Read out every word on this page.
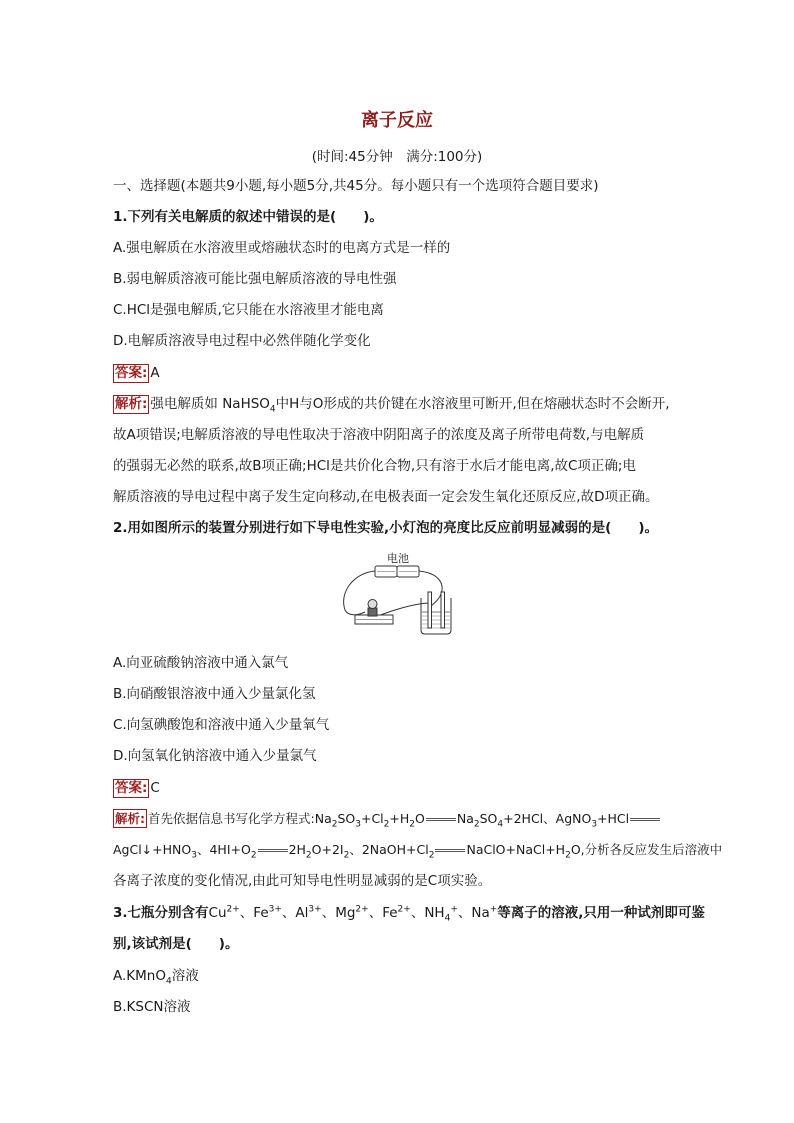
离子反应
(时间:45分钟　满分:100分)
一、选择题(本题共9小题,每小题5分,共45分。每小题只有一个选项符合题目要求)
1.下列有关电解质的叙述中错误的是(　　)。
A.强电解质在水溶液里或熔融状态时的电离方式是一样的
B.弱电解质溶液可能比强电解质溶液的导电性强
C.HCl是强电解质,它只能在水溶液里才能电离
D.电解质溶液导电过程中必然伴随化学变化
答案: A
解析: 强电解质如 NaHSO$_4$中H与O形成的共价键在水溶液里可断开,但在熔融状态时不会断开,
故A项错误;电解质溶液的导电性取决于溶液中阴阳离子的浓度及离子所带电荷数,与电解质
的强弱无必然的联系,故B项正确;HCl是共价化合物,只有溶于水后才能电离,故C项正确;电
解质溶液的导电过程中离子发生定向移动,在电极表面一定会发生氧化还原反应,故D项正确。
2.用如图所示的装置分别进行如下导电性实验,小灯泡的亮度比反应前明显减弱的是(　　)。
电池
A.向亚硫酸钠溶液中通入氯气
B.向硝酸银溶液中通入少量氯化氢
C.向氢碘酸饱和溶液中通入少量氧气
D.向氢氧化钠溶液中通入少量氯气
答案: C
解析: 首先依据信息书写化学方程式$:Na_2SO_3+Cl_2+H_2O$	$Na_2SO_4+2HCl$、AgNO$_3$+HCl
$AgCl↓+HNO_3$、$4HI+O_2$	$2H_2O+2I_2$、$2NaOH+Cl_2$	$NaClO+NaCl+H_2O$,分析各反应发生后溶液中
各离子浓度的变化情况,由此可知导电性明显减弱的是C项实验。
3.七瓶分别含有$Cu^{2+}$、$Fe^{3+}$、$Al^{3+}$、$Mg^{2+}$、$Fe^{2+}$、$NH_4^+$、Na+等离子的溶液,只用一种试剂即可鉴
别,该试剂是(　　)。
A.KMnO$_4$溶液
B.KSCN溶液
